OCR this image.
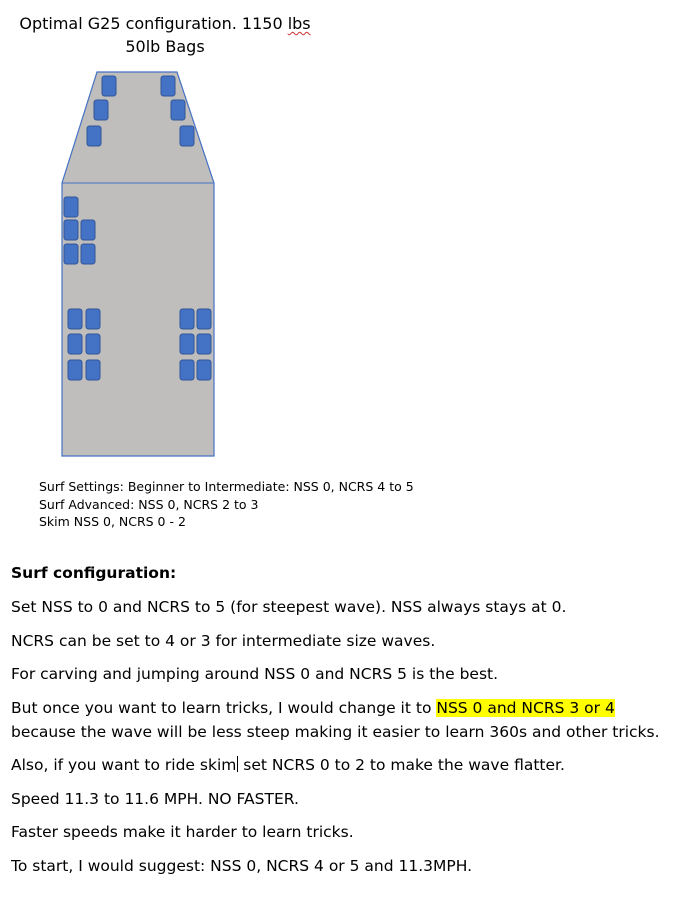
Optimal G25 configuration. 1150 lbs
50lb Bags
Surf Settings: Beginner to Intermediate: NSS 0, NCRS 4 to 5
Surf Advanced: NSS 0, NCRS 2 to 3
Skim NSS 0, NCRS 0 - 2

Surf configuration:

Set NSS to 0 and NCRS to 5 (for steepest wave). NSS always stays at 0.

NCRS can be set to 4 or 3 for intermediate size waves.

For carving and jumping around NSS 0 and NCRS 5 is the best.

But once you want to learn tricks, I would change it to NSS 0 and NCRS 3 or 4 because the wave will be less steep making it easier to learn 360s and other tricks.

Also, if you want to ride skim set NCRS 0 to 2 to make the wave flatter.

Speed 11.3 to 11.6 MPH. NO FASTER.

Faster speeds make it harder to learn tricks.

To start, I would suggest: NSS 0, NCRS 4 or 5 and 11.3MPH.
